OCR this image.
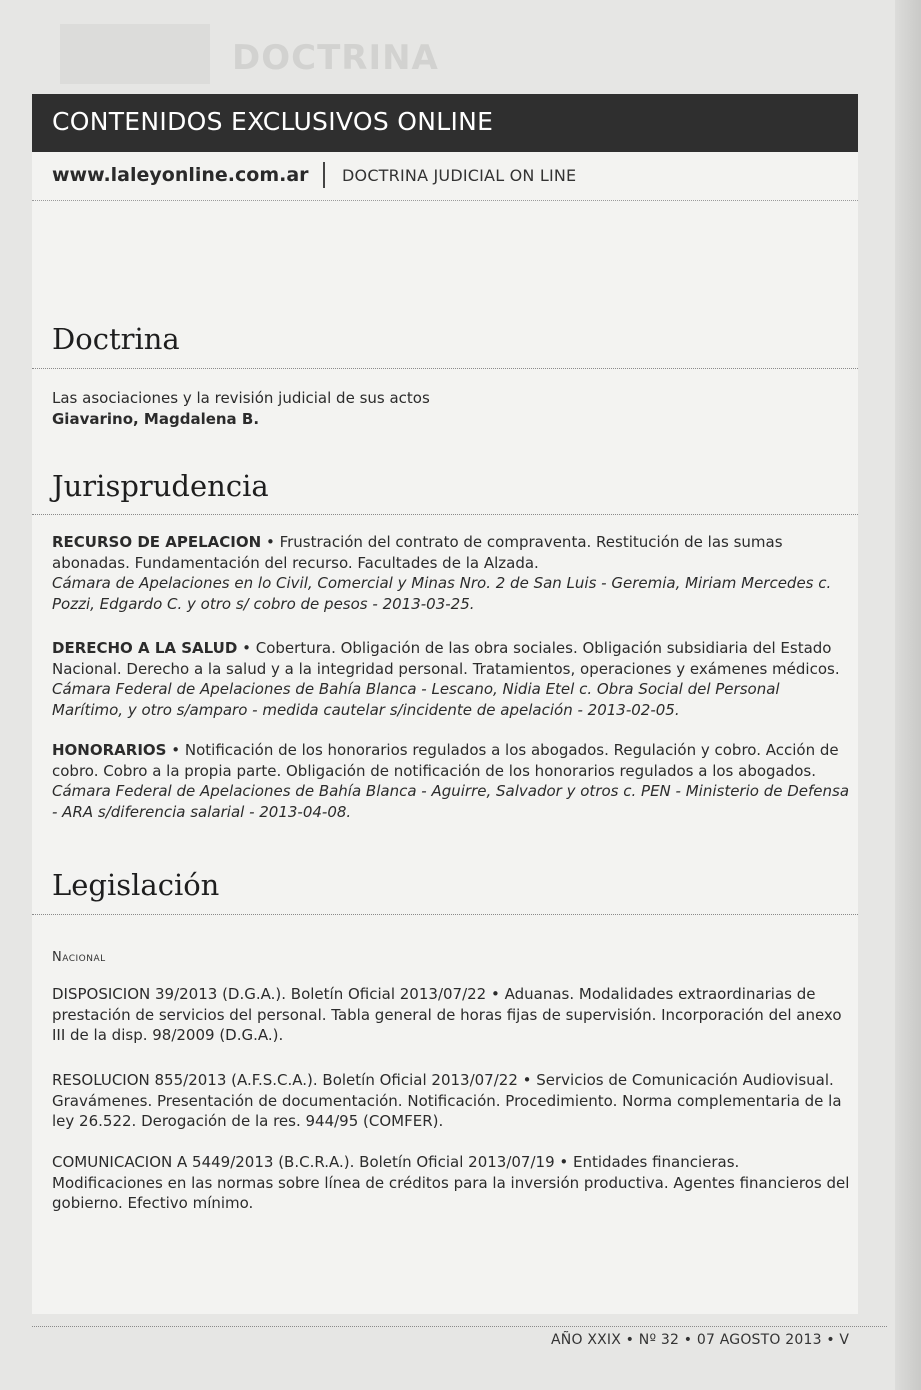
DOCTRINA
CONTENIDOS EXCLUSIVOS ONLINE
www.laleyonline.com.ar DOCTRINA JUDICIAL ON LINE
Doctrina
Las asociaciones y la revisión judicial de sus actos
Giavarino, Magdalena B.
Jurisprudencia
RECURSO DE APELACION • Frustración del contrato de compraventa. Restitución de las sumas abonadas. Fundamentación del recurso. Facultades de la Alzada.
Cámara de Apelaciones en lo Civil, Comercial y Minas Nro. 2 de San Luis - Geremia, Miriam Mercedes c. Pozzi, Edgardo C. y otro s/ cobro de pesos - 2013-03-25.
DERECHO A LA SALUD • Cobertura. Obligación de las obra sociales. Obligación subsidiaria del Estado Nacional. Derecho a la salud y a la integridad personal. Tratamientos, operaciones y exámenes médicos.
Cámara Federal de Apelaciones de Bahía Blanca - Lescano, Nidia Etel c. Obra Social del Personal Marítimo, y otro s/amparo - medida cautelar s/incidente de apelación - 2013-02-05.
HONORARIOS • Notificación de los honorarios regulados a los abogados. Regulación y cobro. Acción de cobro. Cobro a la propia parte. Obligación de notificación de los honorarios regulados a los abogados.
Cámara Federal de Apelaciones de Bahía Blanca - Aguirre, Salvador y otros c. PEN - Ministerio de Defensa - ARA s/diferencia salarial - 2013-04-08.
Legislación
Nacional
DISPOSICION 39/2013 (D.G.A.). Boletín Oficial 2013/07/22 • Aduanas. Modalidades extraordinarias de prestación de servicios del personal. Tabla general de horas fijas de supervisión. Incorporación del anexo III de la disp. 98/2009 (D.G.A.).
RESOLUCION 855/2013 (A.F.S.C.A.). Boletín Oficial 2013/07/22 • Servicios de Comunicación Audiovisual. Gravámenes. Presentación de documentación. Notificación. Procedimiento. Norma complementaria de la ley 26.522. Derogación de la res. 944/95 (COMFER).
COMUNICACION A 5449/2013 (B.C.R.A.). Boletín Oficial 2013/07/19 • Entidades financieras. Modificaciones en las normas sobre línea de créditos para la inversión productiva. Agentes financieros del gobierno. Efectivo mínimo.
AÑO XXIX • Nº 32 • 07 AGOSTO 2013 • V
